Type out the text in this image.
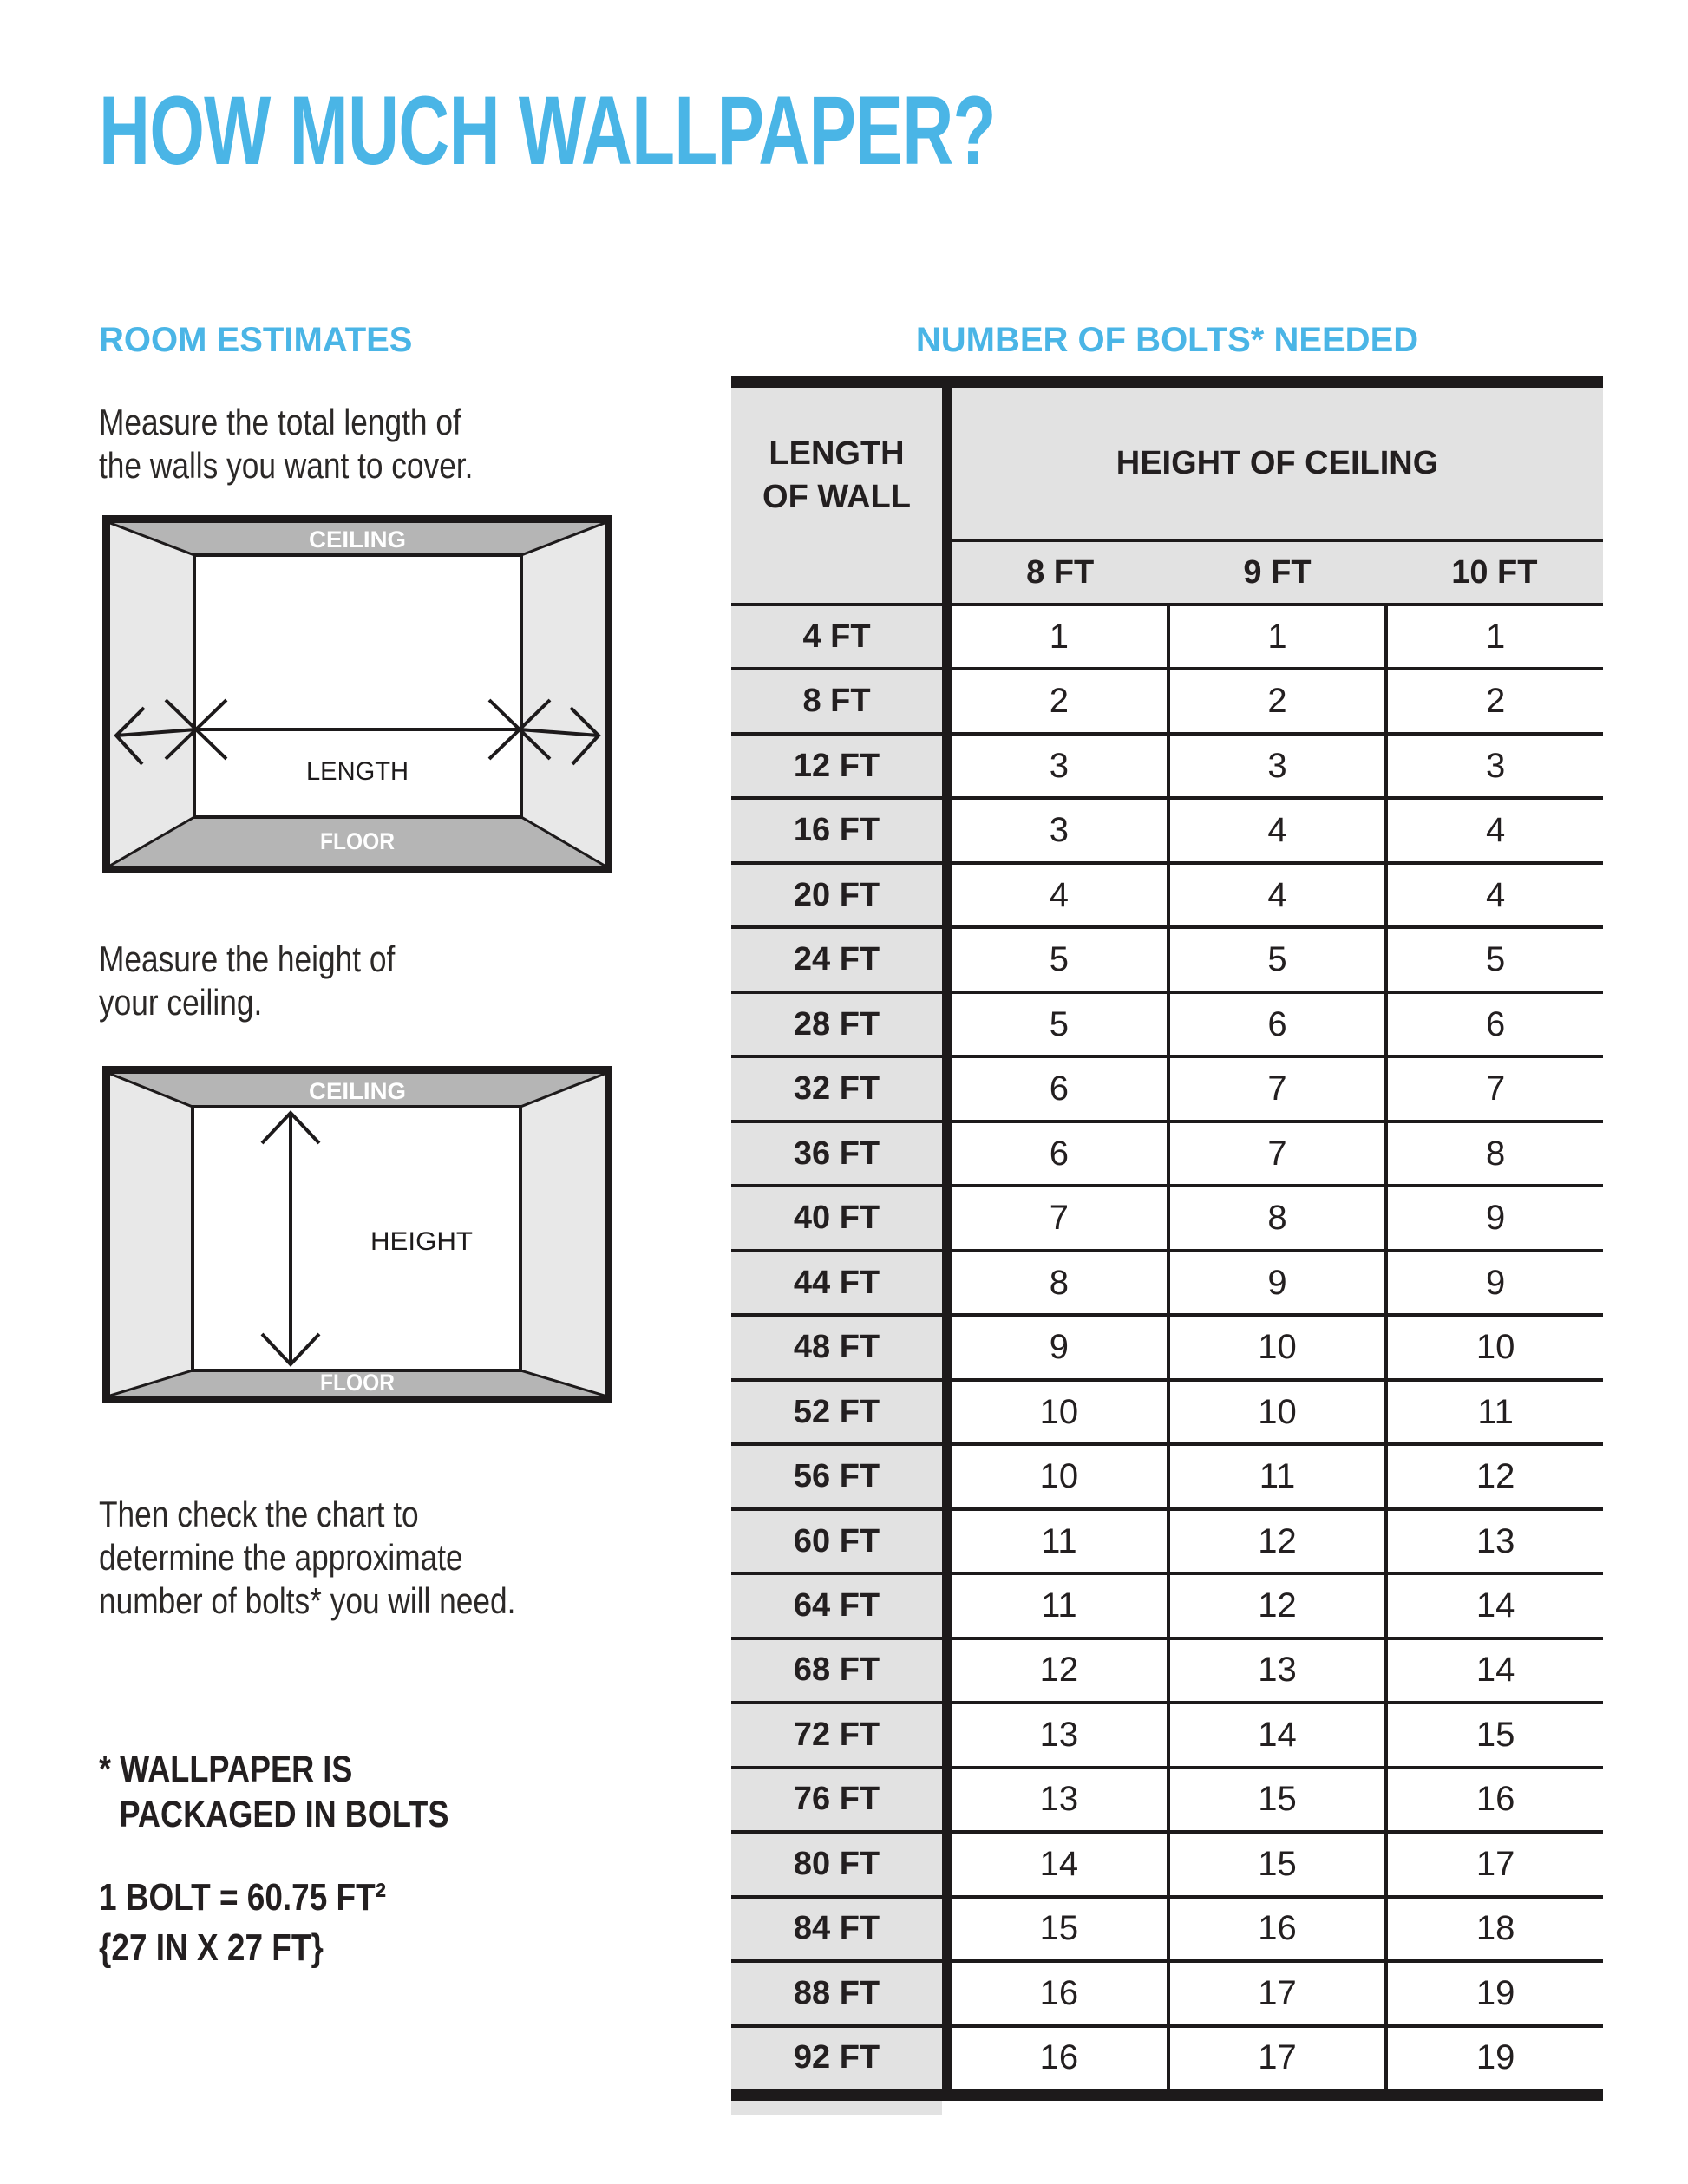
HOW MUCH WALLPAPER?
ROOM ESTIMATES
Measure the total length of
the walls you want to cover.
CEILING
FLOOR
LENGTH
Measure the height of
your ceiling.
CEILING
FLOOR
HEIGHT
Then check the chart to
determine the approximate
number of bolts* you will need.
* WALLPAPER IS
PACKAGED IN BOLTS
1 BOLT = 60.75 FT²
{27 IN X 27 FT}
NUMBER OF BOLTS* NEEDED
LENGTH
OF WALL
HEIGHT OF CEILING
8 FT	9 FT	10 FT
4 FT	1	1	1
8 FT	2	2	2
12 FT	3	3	3
16 FT	3	4	4
20 FT	4	4	4
24 FT	5	5	5
28 FT	5	6	6
32 FT	6	7	7
36 FT	6	7	8
40 FT	7	8	9
44 FT	8	9	9
48 FT	9	10	10
52 FT	10	10	11
56 FT	10	11	12
60 FT	11	12	13
64 FT	11	12	14
68 FT	12	13	14
72 FT	13	14	15
76 FT	13	15	16
80 FT	14	15	17
84 FT	15	16	18
88 FT	16	17	19
92 FT	16	17	19
